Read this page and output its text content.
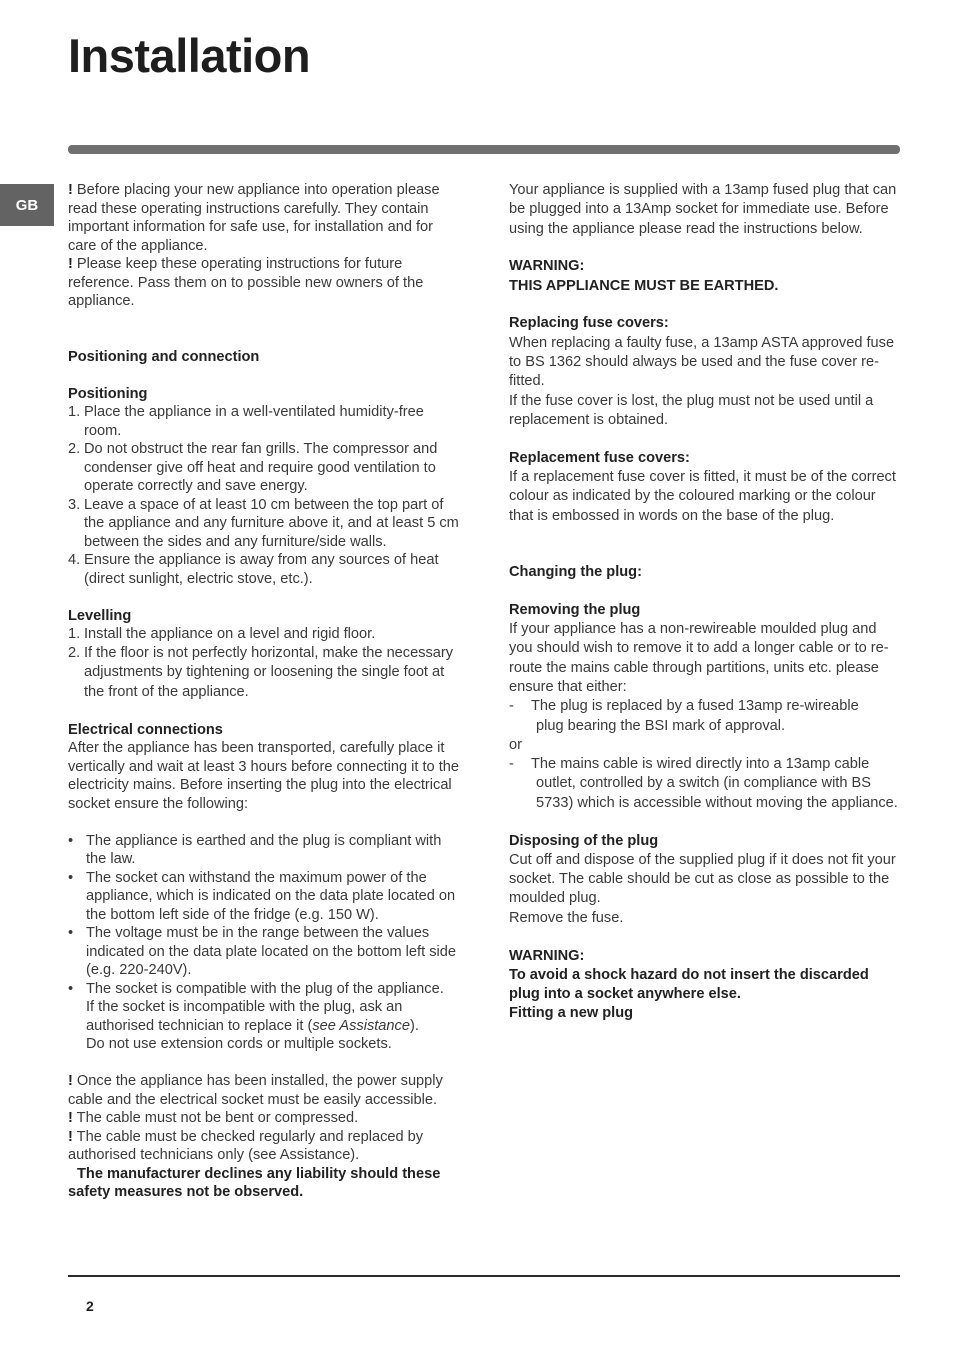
Installation
GB

! Before placing your new appliance into operation please read these operating instructions carefully. They contain important information for safe use, for installation and for care of the appliance.

! Please keep these operating instructions for future reference. Pass them on to possible new owners of the appliance.

Positioning and connection

Positioning

1. Place the appliance in a well-ventilated humidity-free room.
2. Do not obstruct the rear fan grills. The compressor and condenser give off heat and require good ventilation to operate correctly and save energy.
3. Leave a space of at least 10 cm between the top part of the appliance and any furniture above it, and at least 5 cm between the sides and any furniture/side walls.
4. Ensure the appliance is away from any sources of heat (direct sunlight, electric stove, etc.).

Levelling

1. Install the appliance on a level and rigid floor.
2. If the floor is not perfectly horizontal, make the necessary adjustments by tightening or loosening the single foot at the front of the appliance.

Electrical connections

After the appliance has been transported, carefully place it vertically and wait at least 3 hours before connecting it to the electricity mains. Before inserting the plug into the electrical socket ensure the following:

• The appliance is earthed and the plug is compliant with the law.
• The socket can withstand the maximum power of the appliance, which is indicated on the data plate located on the bottom left side of the fridge (e.g. 150 W).
• The voltage must be in the range between the values indicated on the data plate located on the bottom left side (e.g. 220-240V).
• The socket is compatible with the plug of the appliance.
If the socket is incompatible with the plug, ask an authorised technician to replace it (see Assistance).
Do not use extension cords or multiple sockets.

! Once the appliance has been installed, the power supply cable and the electrical socket must be easily accessible.

! The cable must not be bent or compressed.

! The cable must be checked regularly and replaced by authorised technicians only (see Assistance).

The manufacturer declines any liability should these safety measures not be observed.

Your appliance is supplied with a 13amp fused plug that can be plugged into a 13Amp socket for immediate use. Before using the appliance please read the instructions below.

WARNING:

THIS APPLIANCE MUST BE EARTHED.

Replacing fuse covers:

When replacing a faulty fuse, a 13amp ASTA approved fuse to BS 1362 should always be used and the fuse cover re-fitted.

If the fuse cover is lost, the plug must not be used until a replacement is obtained.

Replacement fuse covers:

If a replacement fuse cover is fitted, it must be of the correct colour as indicated by the coloured marking or the colour that is embossed in words on the base of the plug.

Changing the plug:

Removing the plug

If your appliance has a non-rewireable moulded plug and you should wish to remove it to add a longer cable or to re-route the mains cable through partitions, units etc. please ensure that either:

- The plug is replaced by a fused 13amp re-wireable
plug bearing the BSI mark of approval.

or

- The mains cable is wired directly into a 13amp cable
outlet, controlled by a switch (in compliance with BS 5733) which is accessible without moving the appliance.

Disposing of the plug

Cut off and dispose of the supplied plug if it does not fit your socket. The cable should be cut as close as possible to the moulded plug.

Remove the fuse.

WARNING:

To avoid a shock hazard do not insert the discarded plug into a socket anywhere else.

Fitting a new plug

2
